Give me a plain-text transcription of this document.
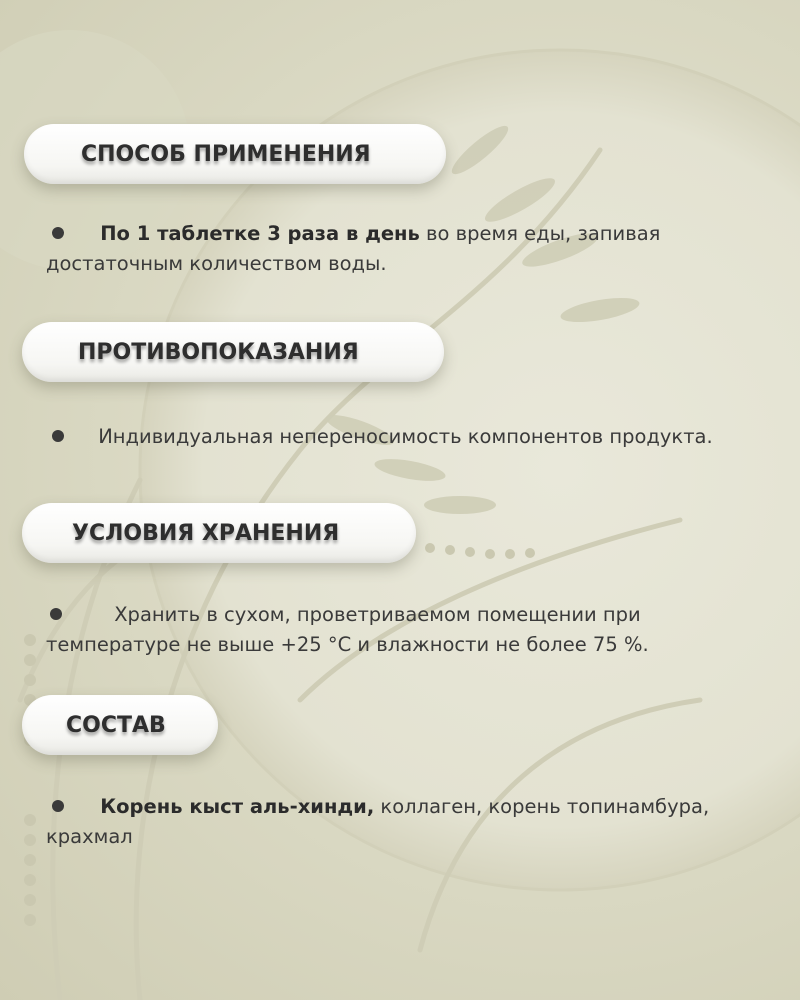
СПОСОБ ПРИМЕНЕНИЯ
По 1 таблетке 3 раза в день во время еды, запивая достаточным количеством воды.
ПРОТИВОПОКАЗАНИЯ
Индивидуальная непереносимость компонентов продукта.
УСЛОВИЯ ХРАНЕНИЯ
Хранить в сухом, проветриваемом помещении при температуре не выше +25 °C и влажности не более 75 %.
СОСТАВ
Корень кыст аль-хинди, коллаген, корень топинамбура, крахмал
